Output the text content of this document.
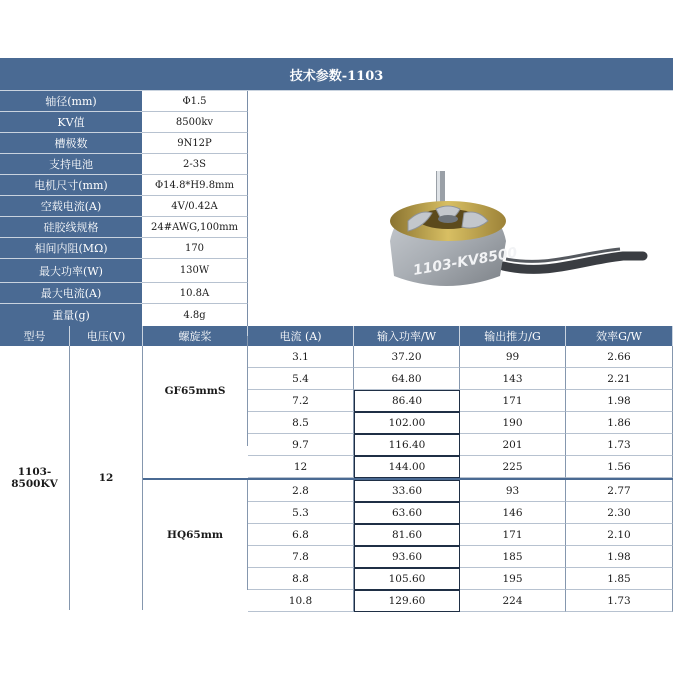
技术参数-1103
轴径(mm)	Φ1.5
KV值	8500kv
槽极数	9N12P
支持电池	2-3S
电机尺寸(mm)	Φ14.8*H9.8mm
空载电流(A)	4V/0.42A
硅胶线规格	24#AWG,100mm
相间内阻(MΩ)	170
最大功率(W)	130W
最大电流(A)	10.8A
重量(g)	4.8g
1103-KV8500
型号	电压(V)	螺旋桨	电流 (A)	输入功率/W	输出推力/G	效率G/W
1103-
8500KV	12
GF65mmS
3.1	37.20	99	2.66
5.4	64.80	143	2.21
7.2	86.40	171	1.98
8.5	102.00	190	1.86
9.7	116.40	201	1.73
12	144.00	225	1.56
HQ65mm
2.8	33.60	93	2.77
5.3	63.60	146	2.30
6.8	81.60	171	2.10
7.8	93.60	185	1.98
8.8	105.60	195	1.85
10.8	129.60	224	1.73
